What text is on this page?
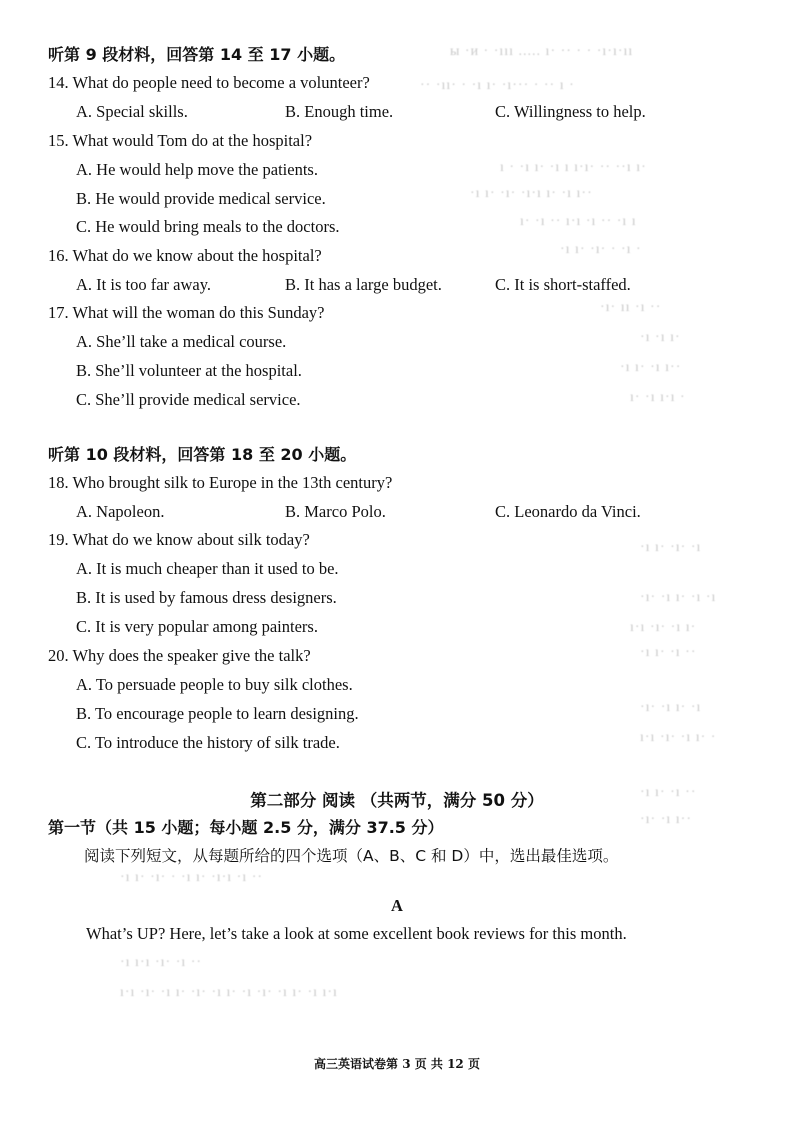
ы ·и · ·ııı ..... ı· ·· · · ·ı·ı·ıı
·· ·ıı· · ·ı ı· ·ı··· · ·· ı ·
ı · ·ı ı· ·ı ı ı·ı· ·· ··ı ı·
·ı ı· ·ı· ·ı·ı ı· ·ı ı··
ı· ·ı ·· ı·ı ·ı ·· ·ı ı
·ı ı· ·ı· · ·ı ·
·ı· ıı ·ı ··
·ı ·ı ı·
·ı ı· ·ı ı··
ı· ·ı ı·ı ·
·ı ı· ·ı· ·ı
·ı· ·ı ı· ·ı ·ı
ı·ı ·ı· ·ı ı·
·ı ı· ·ı ··
·ı· ·ı ı· ·ı
ı·ı ·ı· ·ı ı· ·
·ı ı· ·ı ··
·ı· ·ı ı··
·ı ı· ·ı· · ·ı ı· ·ı·ı ·ı ··
·ı ı·ı ·ı· ·ı ··
ı·ı ·ı· ·ı ı· ·ı· ·ı ı· ·ı ·ı· ·ı ı· ·ı ı·ı
听第 9 段材料，回答第 14 至 17 小题。
14. What do people need to become a volunteer?
A. Special skills.	B. Enough time.	C. Willingness to help.
15. What would Tom do at the hospital?
A. He would help move the patients.
B. He would provide medical service.
C. He would bring meals to the doctors.
16. What do we know about the hospital?
A. It is too far away.	B. It has a large budget.	C. It is short-staffed.
17. What will the woman do this Sunday?
A. She’ll take a medical course.
B. She’ll volunteer at the hospital.
C. She’ll provide medical service.
听第 10 段材料，回答第 18 至 20 小题。
18. Who brought silk to Europe in the 13th century?
A. Napoleon.	B. Marco Polo.	C. Leonardo da Vinci.
19. What do we know about silk today?
A. It is much cheaper than it used to be.
B. It is used by famous dress designers.
C. It is very popular among painters.
20. Why does the speaker give the talk?
A. To persuade people to buy silk clothes.
B. To encourage people to learn designing.
C. To introduce the history of silk trade.
第二部分 阅读 （共两节，满分 50 分）
第一节（共 15 小题；每小题 2.5 分，满分 37.5 分）
阅读下列短文，从每题所给的四个选项（A、B、C 和 D）中，选出最佳选项。
A
What’s UP? Here, let’s take a look at some excellent book reviews for this month.
高三英语试卷第 3 页 共 12 页
